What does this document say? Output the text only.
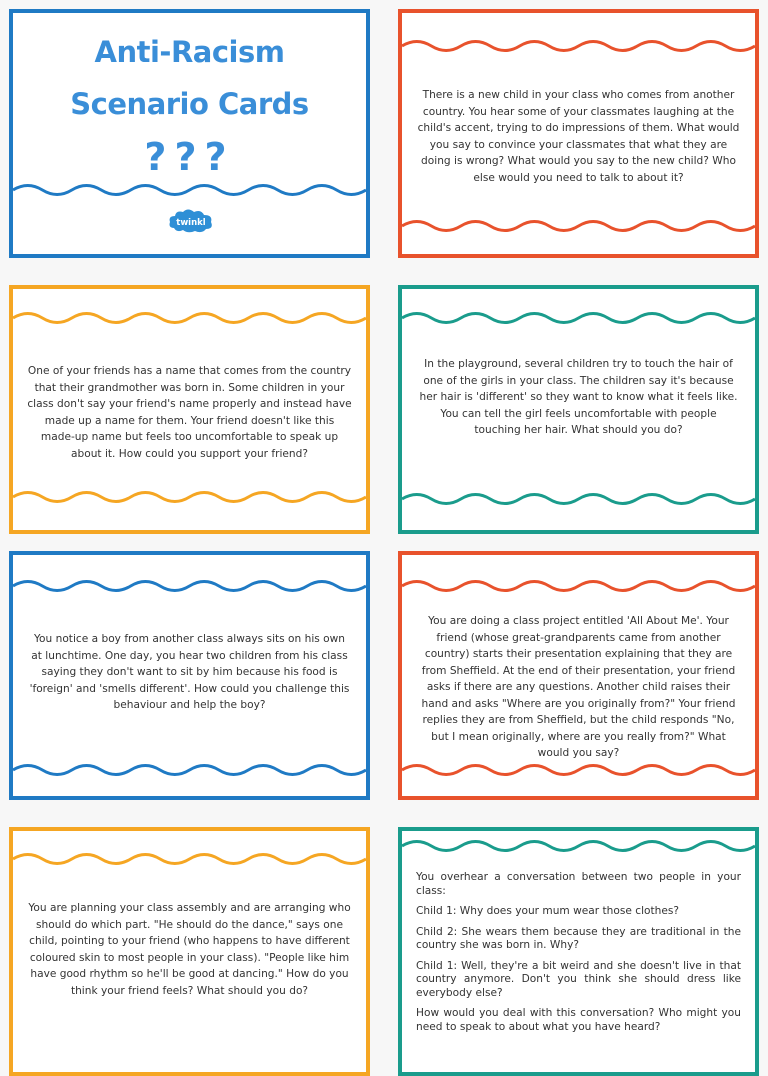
Anti-Racism
Scenario Cards
???
twinkl
There is a new child in your class who comes from another country. You hear some of your classmates laughing at the child's accent, trying to do impressions of them. What would you say to convince your classmates that what they are doing is wrong? What would you say to the new child? Who else would you need to talk to about it?
One of your friends has a name that comes from the country that their grandmother was born in. Some children in your class don't say your friend's name properly and instead have made up a name for them. Your friend doesn't like this made-up name but feels too uncomfortable to speak up about it. How could you support your friend?
In the playground, several children try to touch the hair of one of the girls in your class. The children say it's because her hair is 'different' so they want to know what it feels like. You can tell the girl feels uncomfortable with people touching her hair. What should you do?
You notice a boy from another class always sits on his own at lunchtime. One day, you hear two children from his class saying they don't want to sit by him because his food is 'foreign' and 'smells different'. How could you challenge this behaviour and help the boy?
You are doing a class project entitled 'All About Me'. Your friend (whose great-grandparents came from another country) starts their presentation explaining that they are from Sheffield. At the end of their presentation, your friend asks if there are any questions. Another child raises their hand and asks "Where are you originally from?" Your friend replies they are from Sheffield, but the child responds "No, but I mean originally, where are you really from?" What would you say?
You are planning your class assembly and are arranging who should do which part. "He should do the dance," says one child, pointing to your friend (who happens to have different coloured skin to most people in your class). "People like him have good rhythm so he'll be good at dancing." How do you think your friend feels? What should you do?

You overhear a conversation between two people in your class:

Child 1: Why does your mum wear those clothes?

Child 2: She wears them because they are traditional in the country she was born in. Why?

Child 1: Well, they're a bit weird and she doesn't live in that country anymore. Don't you think she should dress like everybody else?

How would you deal with this conversation? Who might you need to speak to about what you have heard?
